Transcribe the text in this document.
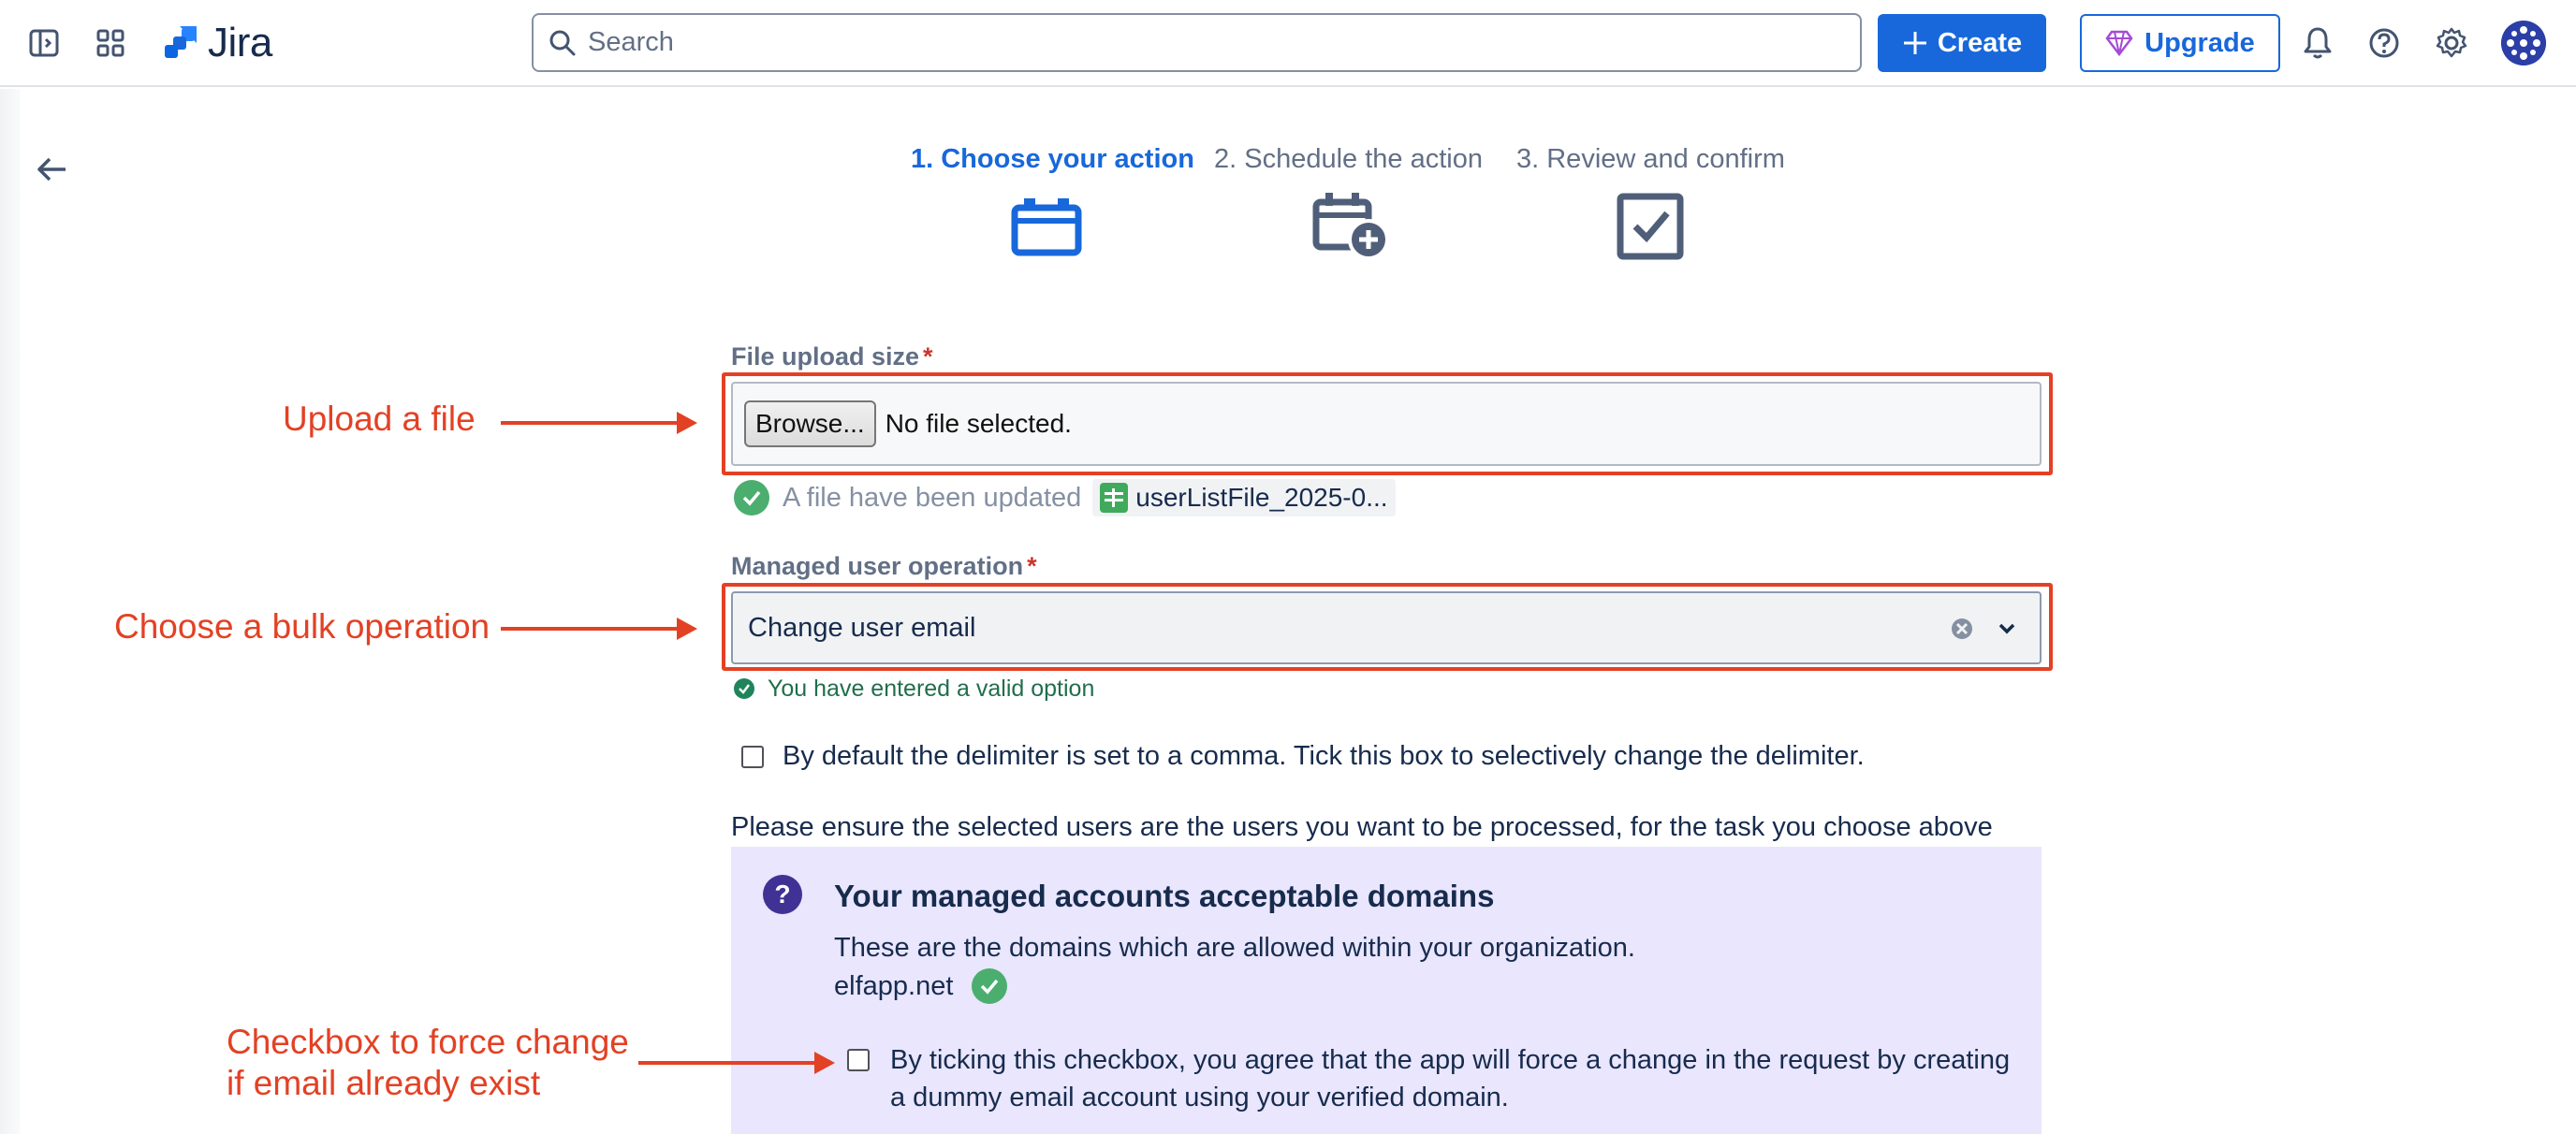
Jira
Search	Create	Upgrade
1. Choose your action 2. Schedule the action 3. Review and confirm
File upload size *
Browse... No file selected.
A file have been updated userListFile_2025-0...
Managed user operation *
Change user email
You have entered a valid option
By default the delimiter is set to a comma. Tick this box to selectively change the delimiter.
Please ensure the selected users are the users you want to be processed, for the task you choose above
?	Your managed accounts acceptable domains
These are the domains which are allowed within your organization.
elfapp.net
By ticking this checkbox, you agree that the app will force a change in the request by creating a dummy email account using your verified domain.
Upload a file
Choose a bulk operation
Checkbox to force change
if email already exist
